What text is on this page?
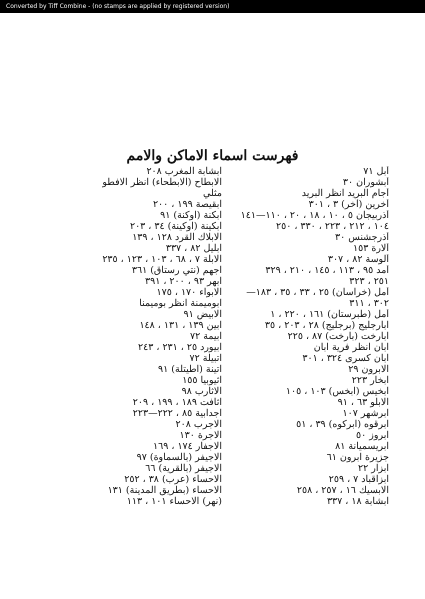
Converted by Tiff Combine - (no stamps are applied by registered version)
فهرست اسماء الاماكن والامم
آبل ٧١
آبشوران ٣٠
آجام البريد انظر البريد
آخرين (آخر) ٣ ، ٣٠١
آذربيجان ٥ ، ١٠ ، ١٨ ، ٢٠ ، ١١٠—١٤١
١٠٤ ، ٢١٢ ، ٢٢٣ ، ٣٣٠ ، ٢٥٠
آذرجشنس ٣٠
آلارة ١٥٣
آلوسة ٨٢ ، ٣٠٧
آمد ٩٥ ، ١١٣ ، ١٤٥ ، ٢١٠ ، ٣٢٩
٢٥١ ، ٣٢٣
آمل (خراسان) ٢٥ ، ٣٣ ، ٣٥ ، ١٨٣—
٣٠٢ ، ٣١١
آمل (طبرستان) ١٦١ ، ٢٢٠ ، ١
ابارجليج (برجليج) ٢٨ ، ٢٠٣ ، ٣٥
ابارخت (بارخت) ٨٧ ، ٢٢٥
ابان انظر فرية ابان
ابان كسرى ٣٢٤ ، ٣٠١
الابرون ٢٩
ابخار ٢٢٣
ابخيس (ابخس) ١٠٣ ، ١٠٥
الابلو ٦٣ ، ٩١
ابرشهر ١٠٧
ابرقوه (ابركوه) ٣٩ ، ٥١
ابروز ٥٠
ابريسميانة ٨١
جزيرة ابرون ٦١
ابزار ٢٢
ابزاقباد ٧ ، ٢٥٩
الابسيك ١٦ ، ٢٥٧ ، ٢٥٨
ابشابة ١٨ ، ٣٣٧
ابشابة المغرب ٢٠٨
الابطاح (الابطحاء) انظر الافطو
مثلي
ابقيصة ١٩٩ ، ٢٠٠
ابكنة (اوكنة) ٩١
ابكينة (اوكينة) ٣٤ ، ٢٠٣
الابلاك القرد ١٢٨ ، ١٣٩
ابليل ٨٢ ، ٣٣٧
الابلة ٧ ، ٦٨ ، ١٠٣ ، ١٢٣ ، ٢٣٥
اجهم (نتي رستاق) ٣٦١
ابهر ٩٣ ، ٢٠٠ ، ٣٩١
الابواء ١٧٠ ، ١٧٥
ابوميمنة انظر بوميمنا
الابيض ٩١
ابين ١٣٩ ، ١٣١ ، ١٤٨
ابيمة ٧٢
ابيورد ٢٥ ، ٢٣١ ، ٢٤٣
اتبيلة ٧٢
اتينة (اطيتلة) ٩١
اثيوبيا ١٥٥
الاثارب ٩٨
اثافت ١٨٩ ، ١٩٩ ، ٢٠٩
اجدابية ٨٥ ، ٢٢٢—٢٢٣
الاجرب ٢٠٨
الاجرة ١٣٠
الاجفار ١٧٤ ، ١٦٩
الاجيفر (بالسماوة) ٩٧
الاجيفر (بالقرية) ٦٦
الاحساء (عرب) ٣٨ ، ٢٥٢
الاحساء (بطريق المدينة) ١٣١
(نهر) الاحساء ١٠١ ، ١١٣
